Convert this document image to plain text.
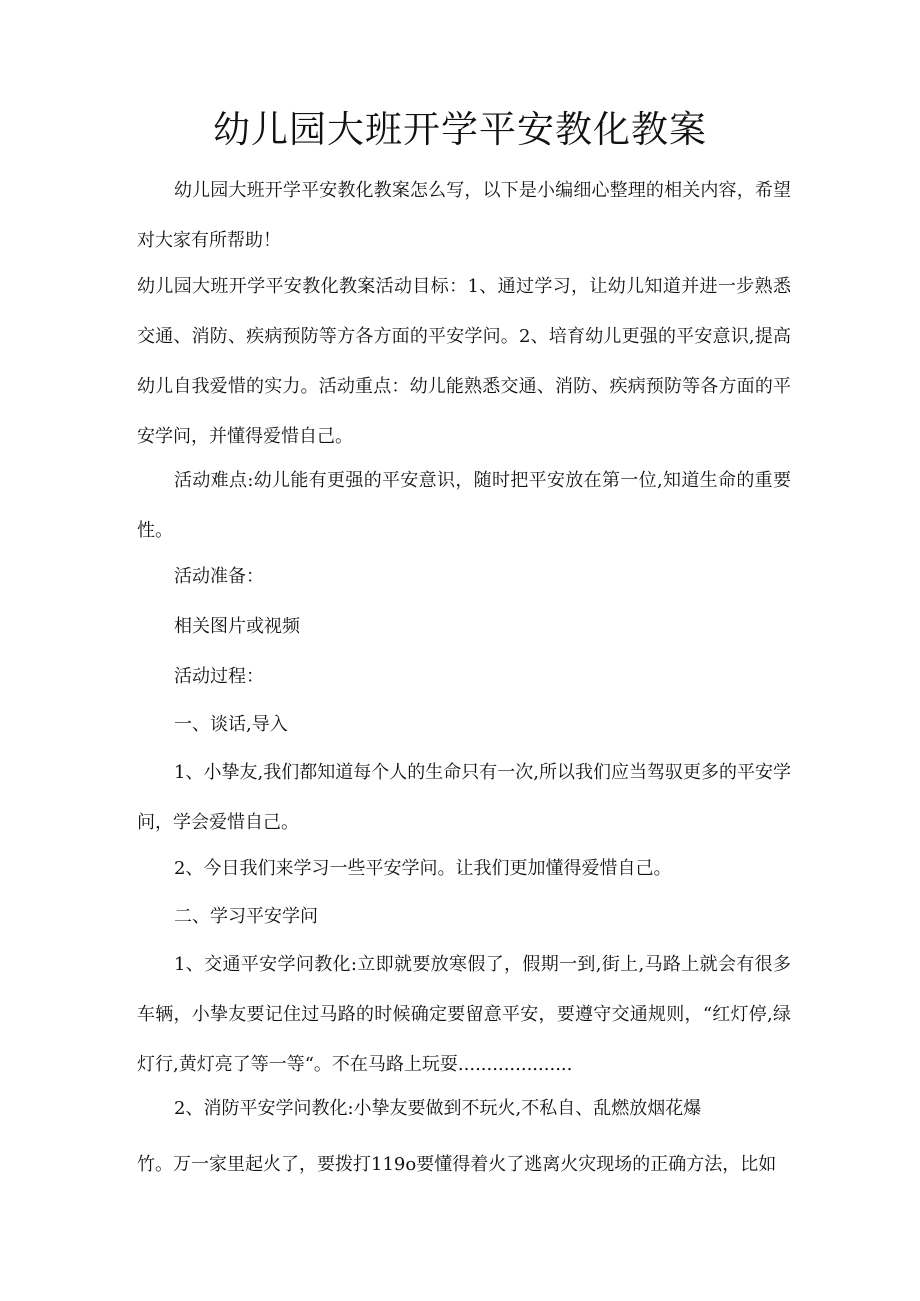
幼儿园大班开学平安教化教案

幼儿园大班开学平安教化教案怎么写，以下是小编细心整理的相关内容，希望对大家有所帮助！

幼儿园大班开学平安教化教案活动目标：1、通过学习，让幼儿知道并进一步熟悉交通、消防、疾病预防等方各方面的平安学问。2、培育幼儿更强的平安意识,提高幼儿自我爱惜的实力。活动重点：幼儿能熟悉交通、消防、疾病预防等各方面的平安学问，并懂得爱惜自己。

活动难点:幼儿能有更强的平安意识，随时把平安放在第一位,知道生命的重要性。

活动准备：

相关图片或视频

活动过程：

一、谈话,导入

1、小挚友,我们都知道每个人的生命只有一次,所以我们应当驾驭更多的平安学问，学会爱惜自己。

2、今日我们来学习一些平安学问。让我们更加懂得爱惜自己。

二、学习平安学问

1、交通平安学问教化:立即就要放寒假了，假期一到,街上,马路上就会有很多车辆，小挚友要记住过马路的时候确定要留意平安，要遵守交通规则，“红灯停,绿灯行,黄灯亮了等一等“。不在马路上玩耍....................

2、消防平安学问教化:小挚友要做到不玩火,不私自、乱燃放烟花爆

竹。万一家里起火了，要拨打119o要懂得着火了逃离火灾现场的正确方法，比如
